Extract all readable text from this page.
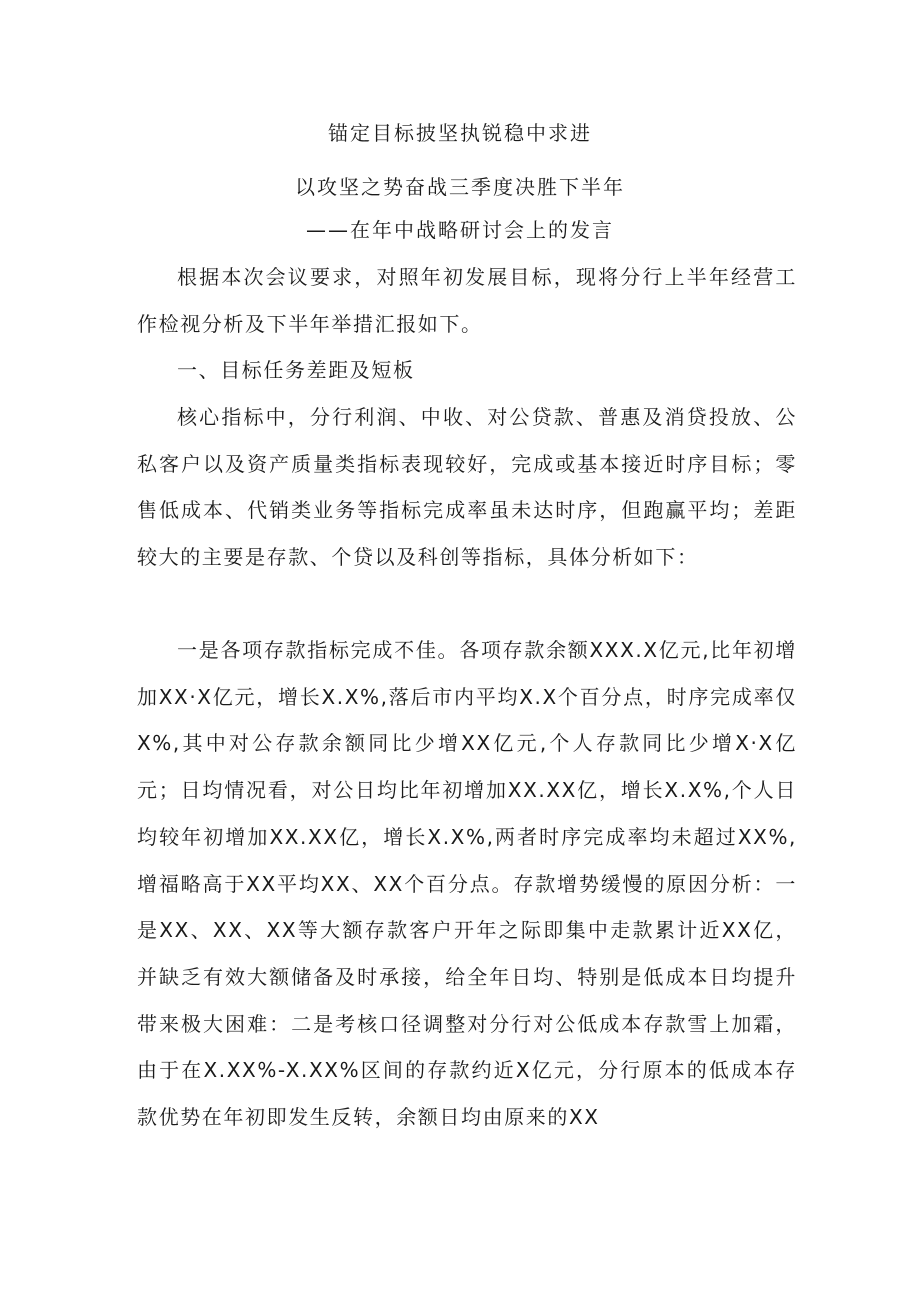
锚定目标披坚执锐稳中求进
以攻坚之势奋战三季度决胜下半年
——在年中战略研讨会上的发言

根据本次会议要求，对照年初发展目标，现将分行上半年经营工作检视分析及下半年举措汇报如下。

一、目标任务差距及短板

核心指标中，分行利润、中收、对公贷款、普惠及消贷投放、公私客户以及资产质量类指标表现较好，完成或基本接近时序目标；零售低成本、代销类业务等指标完成率虽未达时序，但跑赢平均；差距较大的主要是存款、个贷以及科创等指标，具体分析如下：

一是各项存款指标完成不佳。各项存款余额XXX.X亿元,比年初增加XX·X亿元，增长X.X%,落后市内平均X.X个百分点，时序完成率仅X%,其中对公存款余额同比少增XX亿元,个人存款同比少增X·X亿元；日均情况看，对公日均比年初增加XX.XX亿，增长X.X%,个人日均较年初增加XX.XX亿，增长X.X%,两者时序完成率均未超过XX%,增福略高于XX平均XX、XX个百分点。存款增势缓慢的原因分析：一是XX、XX、XX等大额存款客户开年之际即集中走款累计近XX亿，并缺乏有效大额储备及时承接，给全年日均、特别是低成本日均提升带来极大困难：二是考核口径调整对分行对公低成本存款雪上加霜，由于在X.XX%-X.XX%区间的存款约近X亿元，分行原本的低成本存款优势在年初即发生反转，余额日均由原来的XX
